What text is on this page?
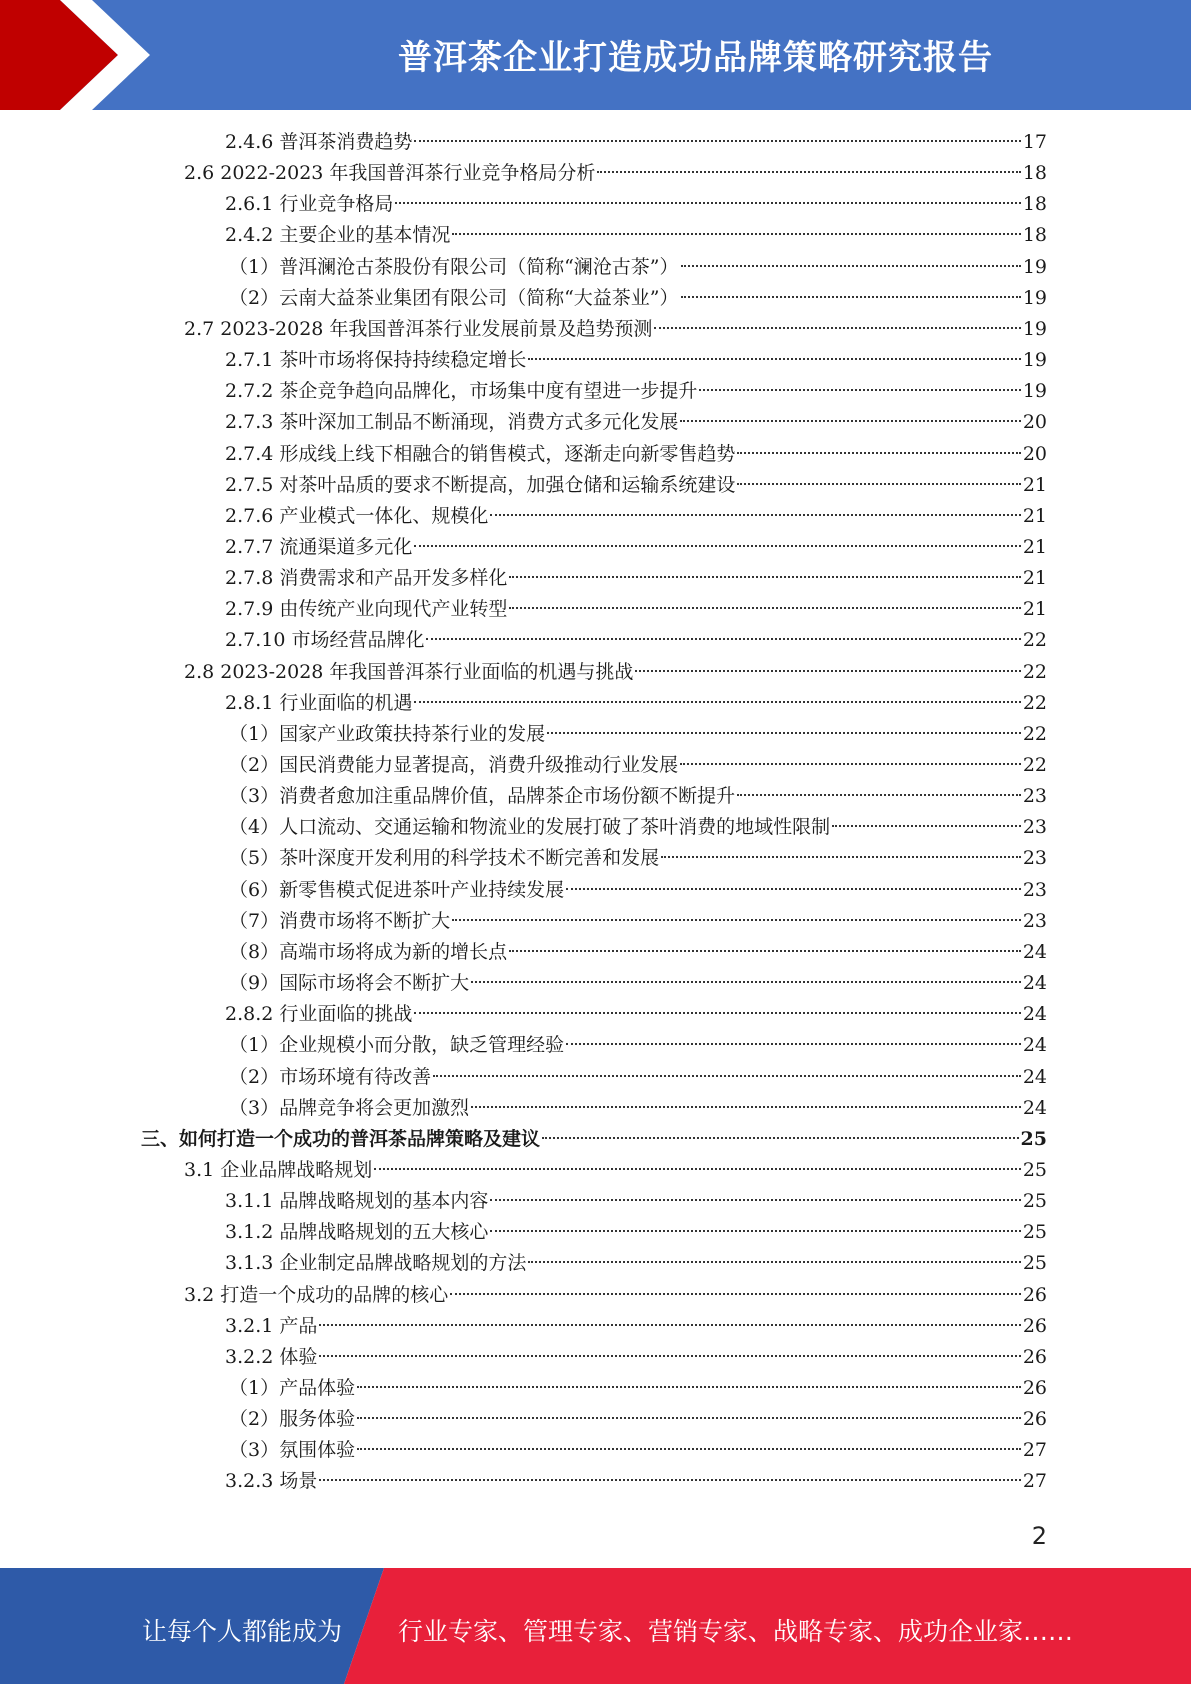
普洱茶企业打造成功品牌策略研究报告
2.4.6 普洱茶消费趋势	17
2.6 2022-2023 年我国普洱茶行业竞争格局分析	18
2.6.1 行业竞争格局	18
2.4.2 主要企业的基本情况	18
（1）普洱澜沧古茶股份有限公司（简称“澜沧古茶”）	19
（2）云南大益茶业集团有限公司（简称“大益茶业”）	19
2.7 2023-2028 年我国普洱茶行业发展前景及趋势预测	19
2.7.1 茶叶市场将保持持续稳定增长	19
2.7.2 茶企竞争趋向品牌化，市场集中度有望进一步提升	19
2.7.3 茶叶深加工制品不断涌现，消费方式多元化发展	20
2.7.4 形成线上线下相融合的销售模式，逐渐走向新零售趋势	20
2.7.5 对茶叶品质的要求不断提高，加强仓储和运输系统建设	21
2.7.6 产业模式一体化、规模化	21
2.7.7 流通渠道多元化	21
2.7.8 消费需求和产品开发多样化	21
2.7.9 由传统产业向现代产业转型	21
2.7.10 市场经营品牌化	22
2.8 2023-2028 年我国普洱茶行业面临的机遇与挑战	22
2.8.1 行业面临的机遇	22
（1）国家产业政策扶持茶行业的发展	22
（2）国民消费能力显著提高，消费升级推动行业发展	22
（3）消费者愈加注重品牌价值，品牌茶企市场份额不断提升	23
（4）人口流动、交通运输和物流业的发展打破了茶叶消费的地域性限制	23
（5）茶叶深度开发利用的科学技术不断完善和发展	23
（6）新零售模式促进茶叶产业持续发展	23
（7）消费市场将不断扩大	23
（8）高端市场将成为新的增长点	24
（9）国际市场将会不断扩大	24
2.8.2 行业面临的挑战	24
（1）企业规模小而分散，缺乏管理经验	24
（2）市场环境有待改善	24
（3）品牌竞争将会更加激烈	24
三、如何打造一个成功的普洱茶品牌策略及建议	25
3.1 企业品牌战略规划	25
3.1.1 品牌战略规划的基本内容	25
3.1.2 品牌战略规划的五大核心	25
3.1.3 企业制定品牌战略规划的方法	25
3.2 打造一个成功的品牌的核心	26
3.2.1 产品	26
3.2.2 体验	26
（1）产品体验	26
（2）服务体验	26
（3）氛围体验	27
3.2.3 场景	27
2
让每个人都能成为 行业专家、管理专家、营销专家、战略专家、成功企业家……
